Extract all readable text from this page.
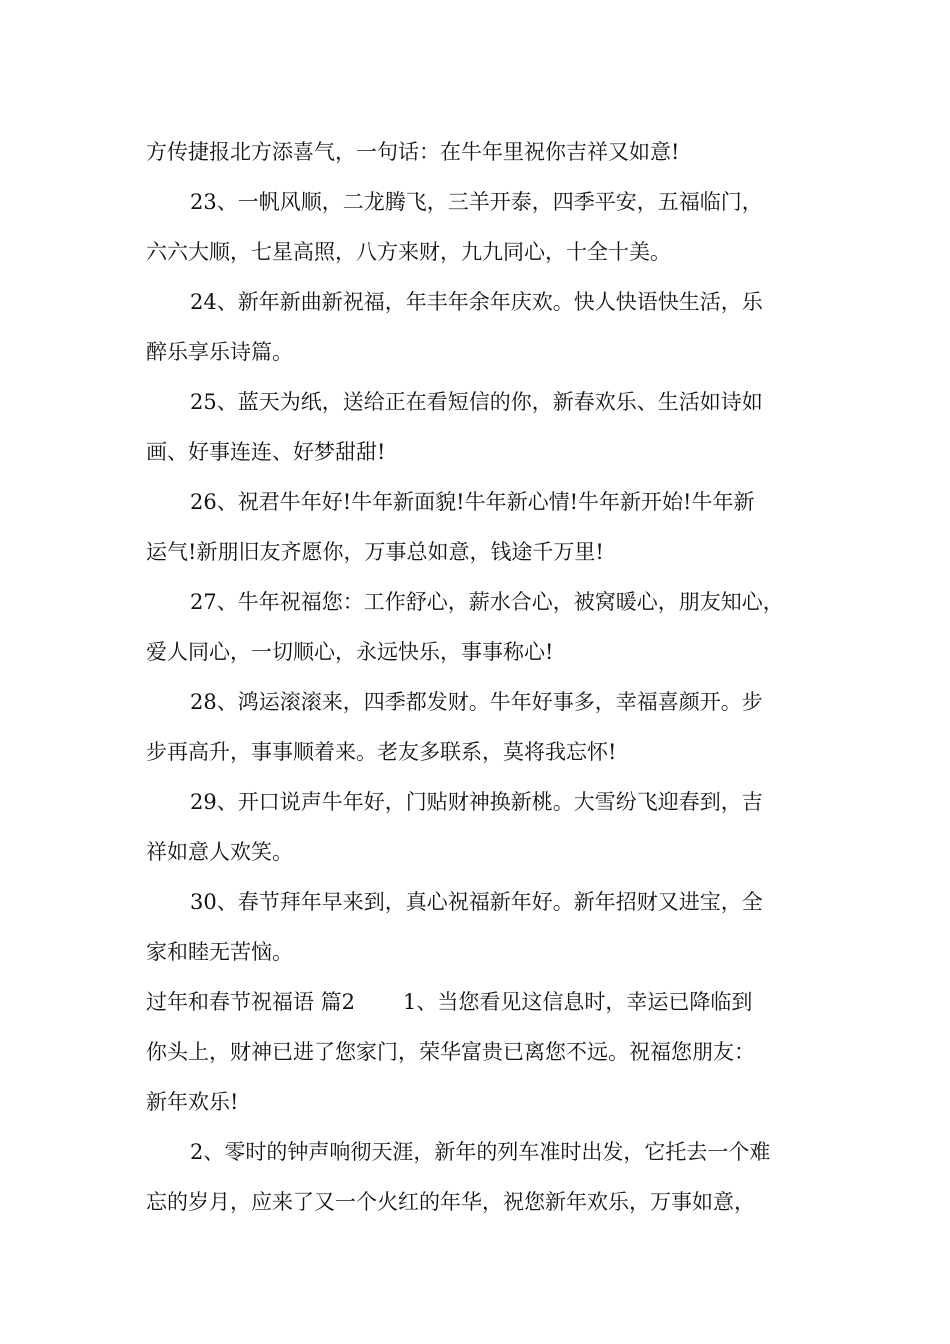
方传捷报北方添喜气，一句话：在牛年里祝你吉祥又如意!
23、一帆风顺，二龙腾飞，三羊开泰，四季平安，五福临门，
六六大顺，七星高照，八方来财，九九同心，十全十美。
24、新年新曲新祝福，年丰年余年庆欢。快人快语快生活，乐
醉乐享乐诗篇。
25、蓝天为纸，送给正在看短信的你，新春欢乐、生活如诗如
画、好事连连、好梦甜甜!
26、祝君牛年好!牛年新面貌!牛年新心情!牛年新开始!牛年新
运气!新朋旧友齐愿你，万事总如意，钱途千万里!
27、牛年祝福您：工作舒心，薪水合心，被窝暖心，朋友知心，
爱人同心，一切顺心，永远快乐，事事称心!
28、鸿运滚滚来，四季都发财。牛年好事多，幸福喜颜开。步
步再高升，事事顺着来。老友多联系，莫将我忘怀!
29、开口说声牛年好，门贴财神换新桃。大雪纷飞迎春到，吉
祥如意人欢笑。
30、春节拜年早来到，真心祝福新年好。新年招财又进宝，全
家和睦无苦恼。
过年和春节祝福语 篇2 1、当您看见这信息时，幸运已降临到
你头上，财神已进了您家门，荣华富贵已离您不远。祝福您朋友：
新年欢乐!
2、零时的钟声响彻天涯，新年的列车准时出发，它托去一个难
忘的岁月，应来了又一个火红的年华，祝您新年欢乐，万事如意，
